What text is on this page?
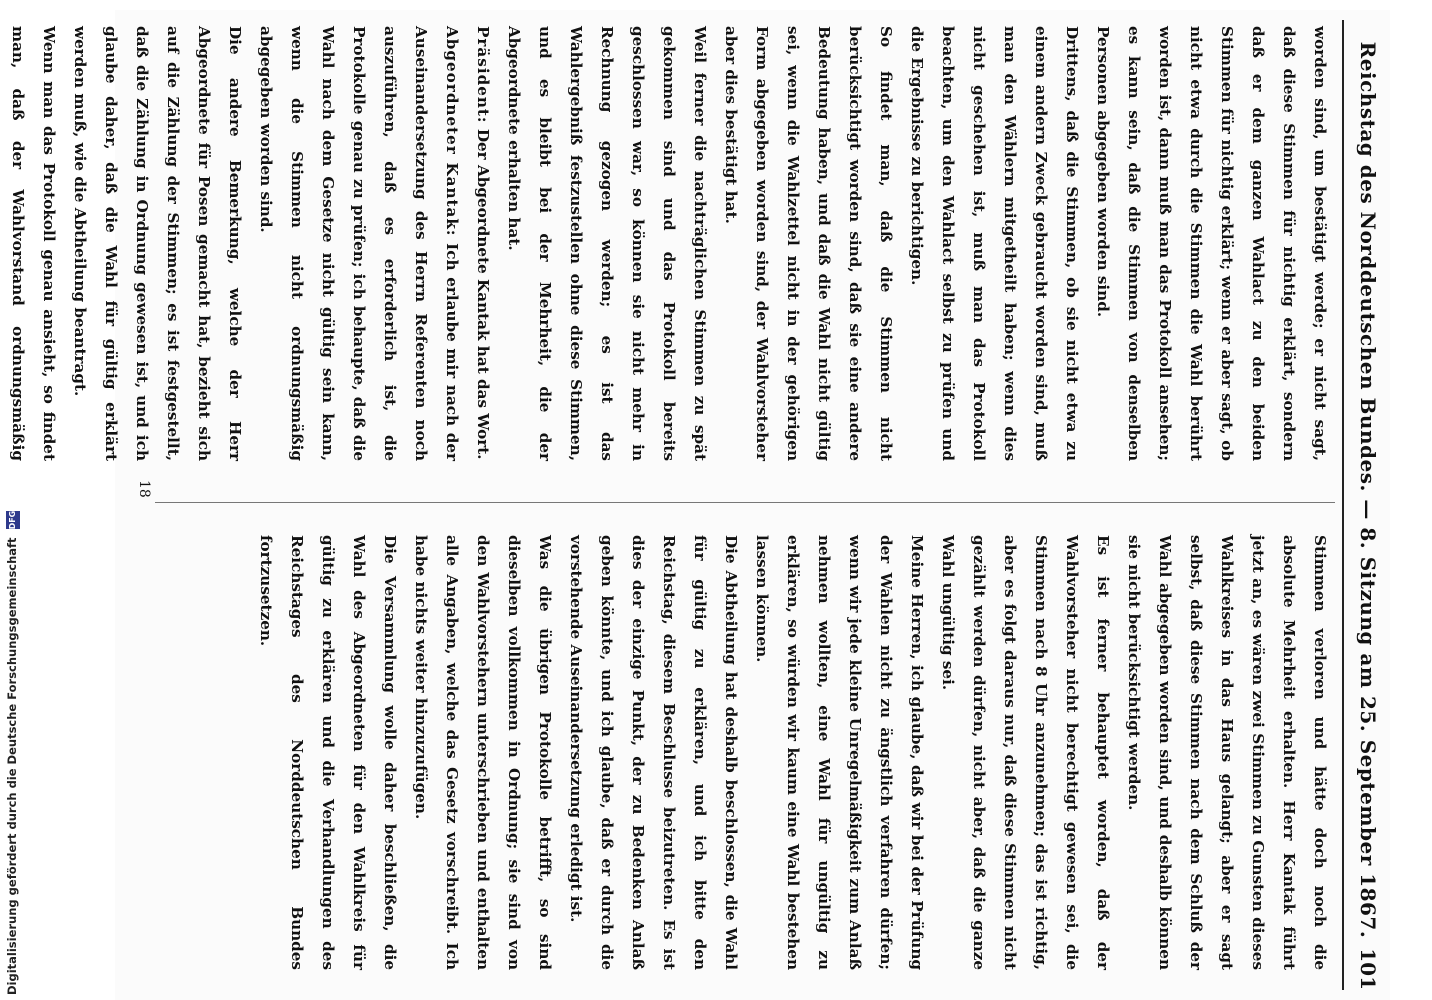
Reichstag des Norddeutschen Bundes. — 8. Sitzung am 25. September 1867.
101

worden sind, um bestätigt werde; er nicht sagt, daß diese Stimmen für nichtig erklärt, sondern daß er dem ganzen Wahlact zu den beiden Stimmen für nichtig erklärt; wenn er aber sagt, ob nicht etwa durch die Stimmen die Wahl berührt worden ist, dann muß man das Protokoll ansehen; es kann sein, daß die Stimmen von denselben Personen abgegeben worden sind.

Drittens, daß die Stimmen, ob sie nicht etwa zu einem andern Zweck gebraucht worden sind, muß man den Wählern mitgetheilt haben; wenn dies nicht geschehen ist, muß man das Protokoll beachten, um den Wahlact selbst zu prüfen und die Ergebnisse zu berichtigen.

So findet man, daß die Stimmen nicht berücksichtigt worden sind, daß sie eine andere Bedeutung haben, und daß die Wahl nicht gültig sei, wenn die Wahlzettel nicht in der gehörigen Form abgegeben worden sind, der Wahlvorsteher aber dies bestätigt hat.

Weil ferner die nachträglichen Stimmen zu spät gekommen sind und das Protokoll bereits geschlossen war, so können sie nicht mehr in Rechnung gezogen werden; es ist das Wahlergebniß festzustellen ohne diese Stimmen, und es bleibt bei der Mehrheit, die der Abgeordnete erhalten hat.

Präsident: Der Abgeordnete Kantak hat das Wort.

Abgeordneter Kantak: Ich erlaube mir nach der Auseinandersetzung des Herrn Referenten noch auszuführen, daß es erforderlich ist, die Protokolle genau zu prüfen; ich behaupte, daß die Wahl nach dem Gesetze nicht gültig sein kann, wenn die Stimmen nicht ordnungsmäßig abgegeben worden sind.

Die andere Bemerkung, welche der Herr Abgeordnete für Posen gemacht hat, bezieht sich auf die Zählung der Stimmen; es ist festgestellt, daß die Zählung in Ordnung gewesen ist, und ich glaube daher, daß die Wahl für gültig erklärt werden muß, wie die Abtheilung beantragt.

Wenn man das Protokoll genau ansieht, so findet man, daß der Wahlvorstand ordnungsmäßig

Stimmen verloren und hätte doch noch die absolute Mehrheit erhalten. Herr Kantak führt jetzt an, es wären zwei Stimmen zu Gunsten dieses Wahlkreises in das Haus gelangt; aber er sagt selbst, daß diese Stimmen nach dem Schluß der Wahl abgegeben worden sind, und deshalb können sie nicht berücksichtigt werden.

Es ist ferner behauptet worden, daß der Wahlvorsteher nicht berechtigt gewesen sei, die Stimmen nach 8 Uhr anzunehmen; das ist richtig, aber es folgt daraus nur, daß diese Stimmen nicht gezählt werden dürfen, nicht aber, daß die ganze Wahl ungültig sei.

Meine Herren, ich glaube, daß wir bei der Prüfung der Wahlen nicht zu ängstlich verfahren dürfen; wenn wir jede kleine Unregelmäßigkeit zum Anlaß nehmen wollten, eine Wahl für ungültig zu erklären, so würden wir kaum eine Wahl bestehen lassen können.

Die Abtheilung hat deshalb beschlossen, die Wahl für gültig zu erklären, und ich bitte den Reichstag, diesem Beschlusse beizutreten. Es ist dies der einzige Punkt, der zu Bedenken Anlaß geben könnte, und ich glaube, daß er durch die vorstehende Auseinandersetzung erledigt ist.

Was die übrigen Protokolle betrifft, so sind dieselben vollkommen in Ordnung; sie sind von den Wahlvorstehern unterschrieben und enthalten alle Angaben, welche das Gesetz vorschreibt. Ich habe nichts weiter hinzuzufügen.

Die Versammlung wolle daher beschließen, die Wahl des Abgeordneten für den Wahlkreis für gültig zu erklären und die Verhandlungen des Reichstages des Norddeutschen Bundes fortzusetzen.

18
Digitalisierung gefördert durch die Deutsche Forschungsgemeinschaft DFG
